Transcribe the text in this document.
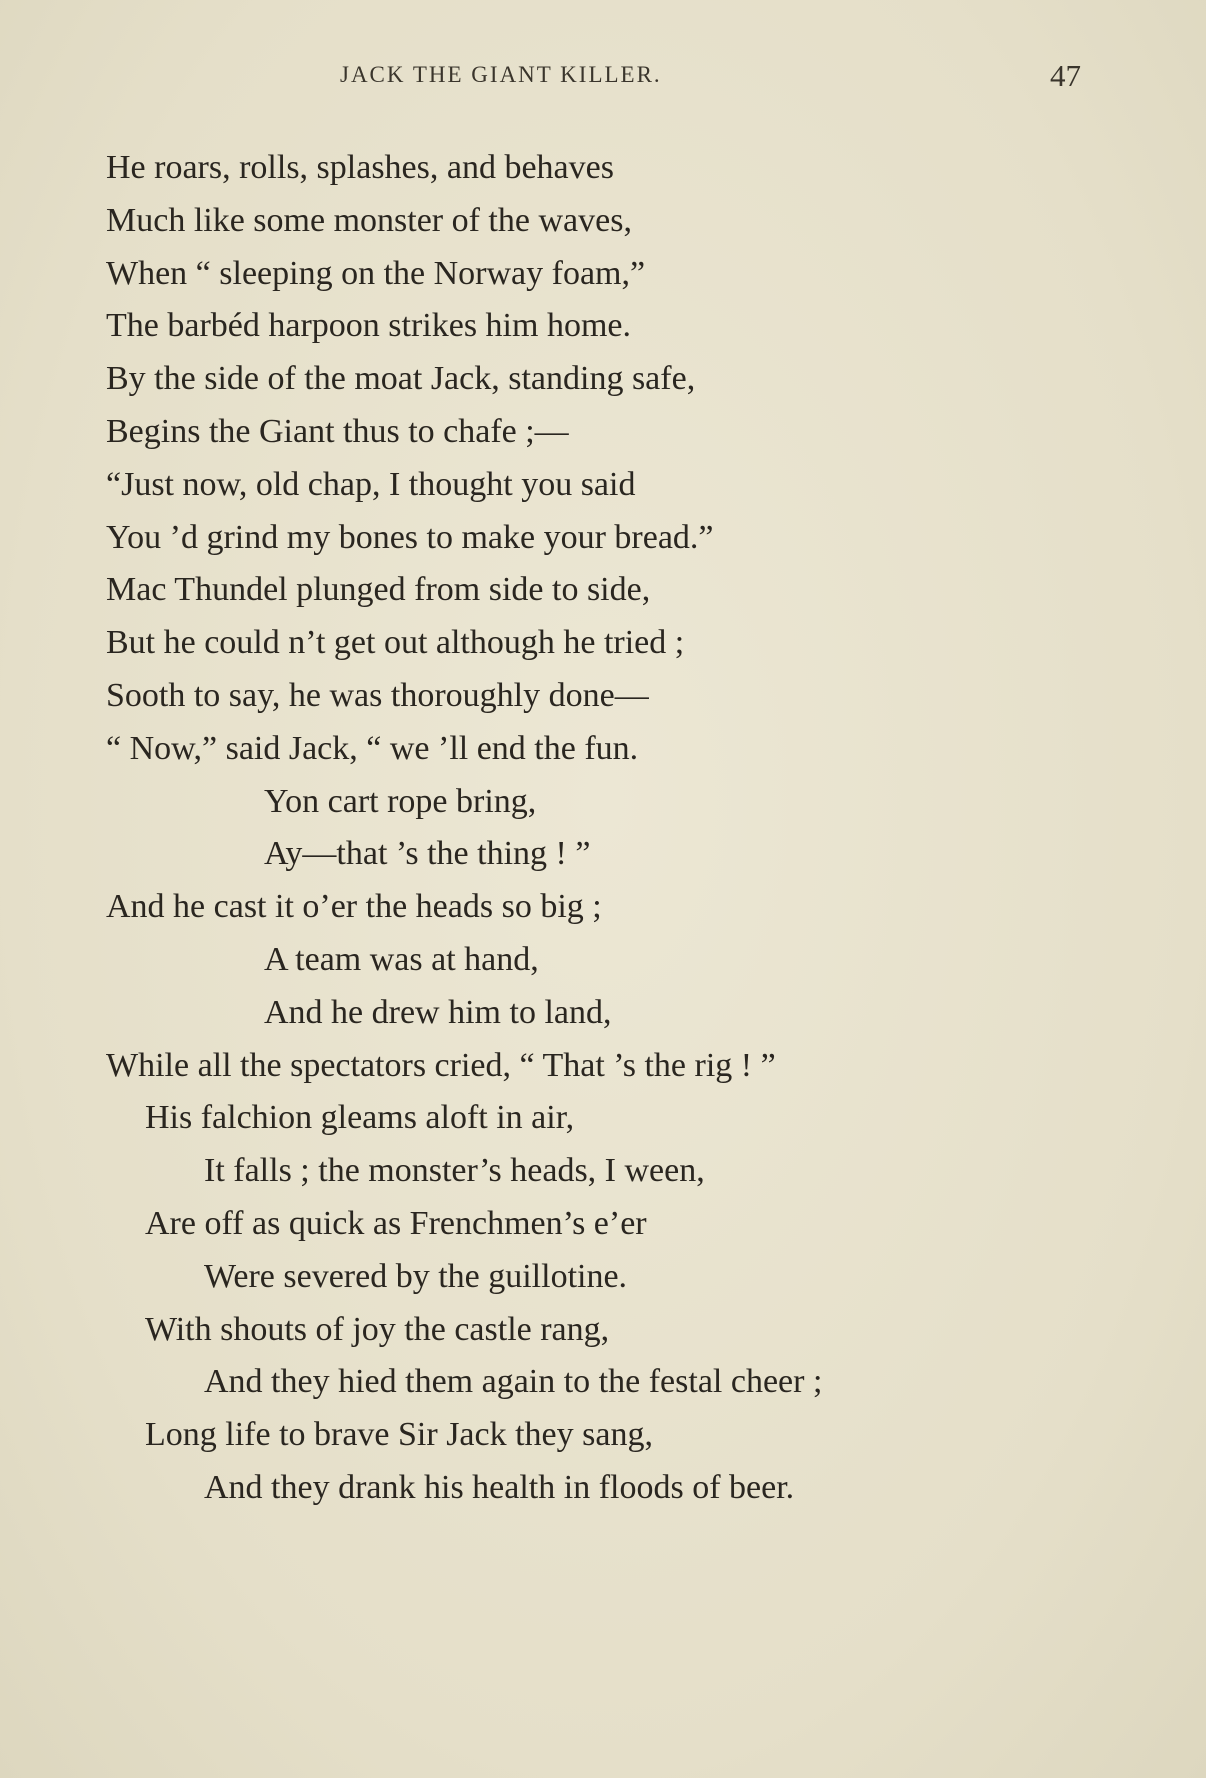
JACK THE GIANT KILLER.	47
He roars, rolls, splashes, and behaves
Much like some monster of the waves,
When “ sleeping on the Norway foam,”
The barbéd harpoon strikes him home.
By the side of the moat Jack, standing safe,
Begins the Giant thus to chafe ;—
“Just now, old chap, I thought you said
You ’d grind my bones to make your bread.”
Mac Thundel plunged from side to side,
But he could n’t get out although he tried ;
Sooth to say, he was thoroughly done—
“ Now,” said Jack, “ we ’ll end the fun.
Yon cart rope bring,
Ay—that ’s the thing ! ”
And he cast it o’er the heads so big ;
A team was at hand,
And he drew him to land,
While all the spectators cried, “ That ’s the rig ! ”
His falchion gleams aloft in air,
It falls ; the monster’s heads, I ween,
Are off as quick as Frenchmen’s e’er
Were severed by the guillotine.
With shouts of joy the castle rang,
And they hied them again to the festal cheer ;
Long life to brave Sir Jack they sang,
And they drank his health in floods of beer.
